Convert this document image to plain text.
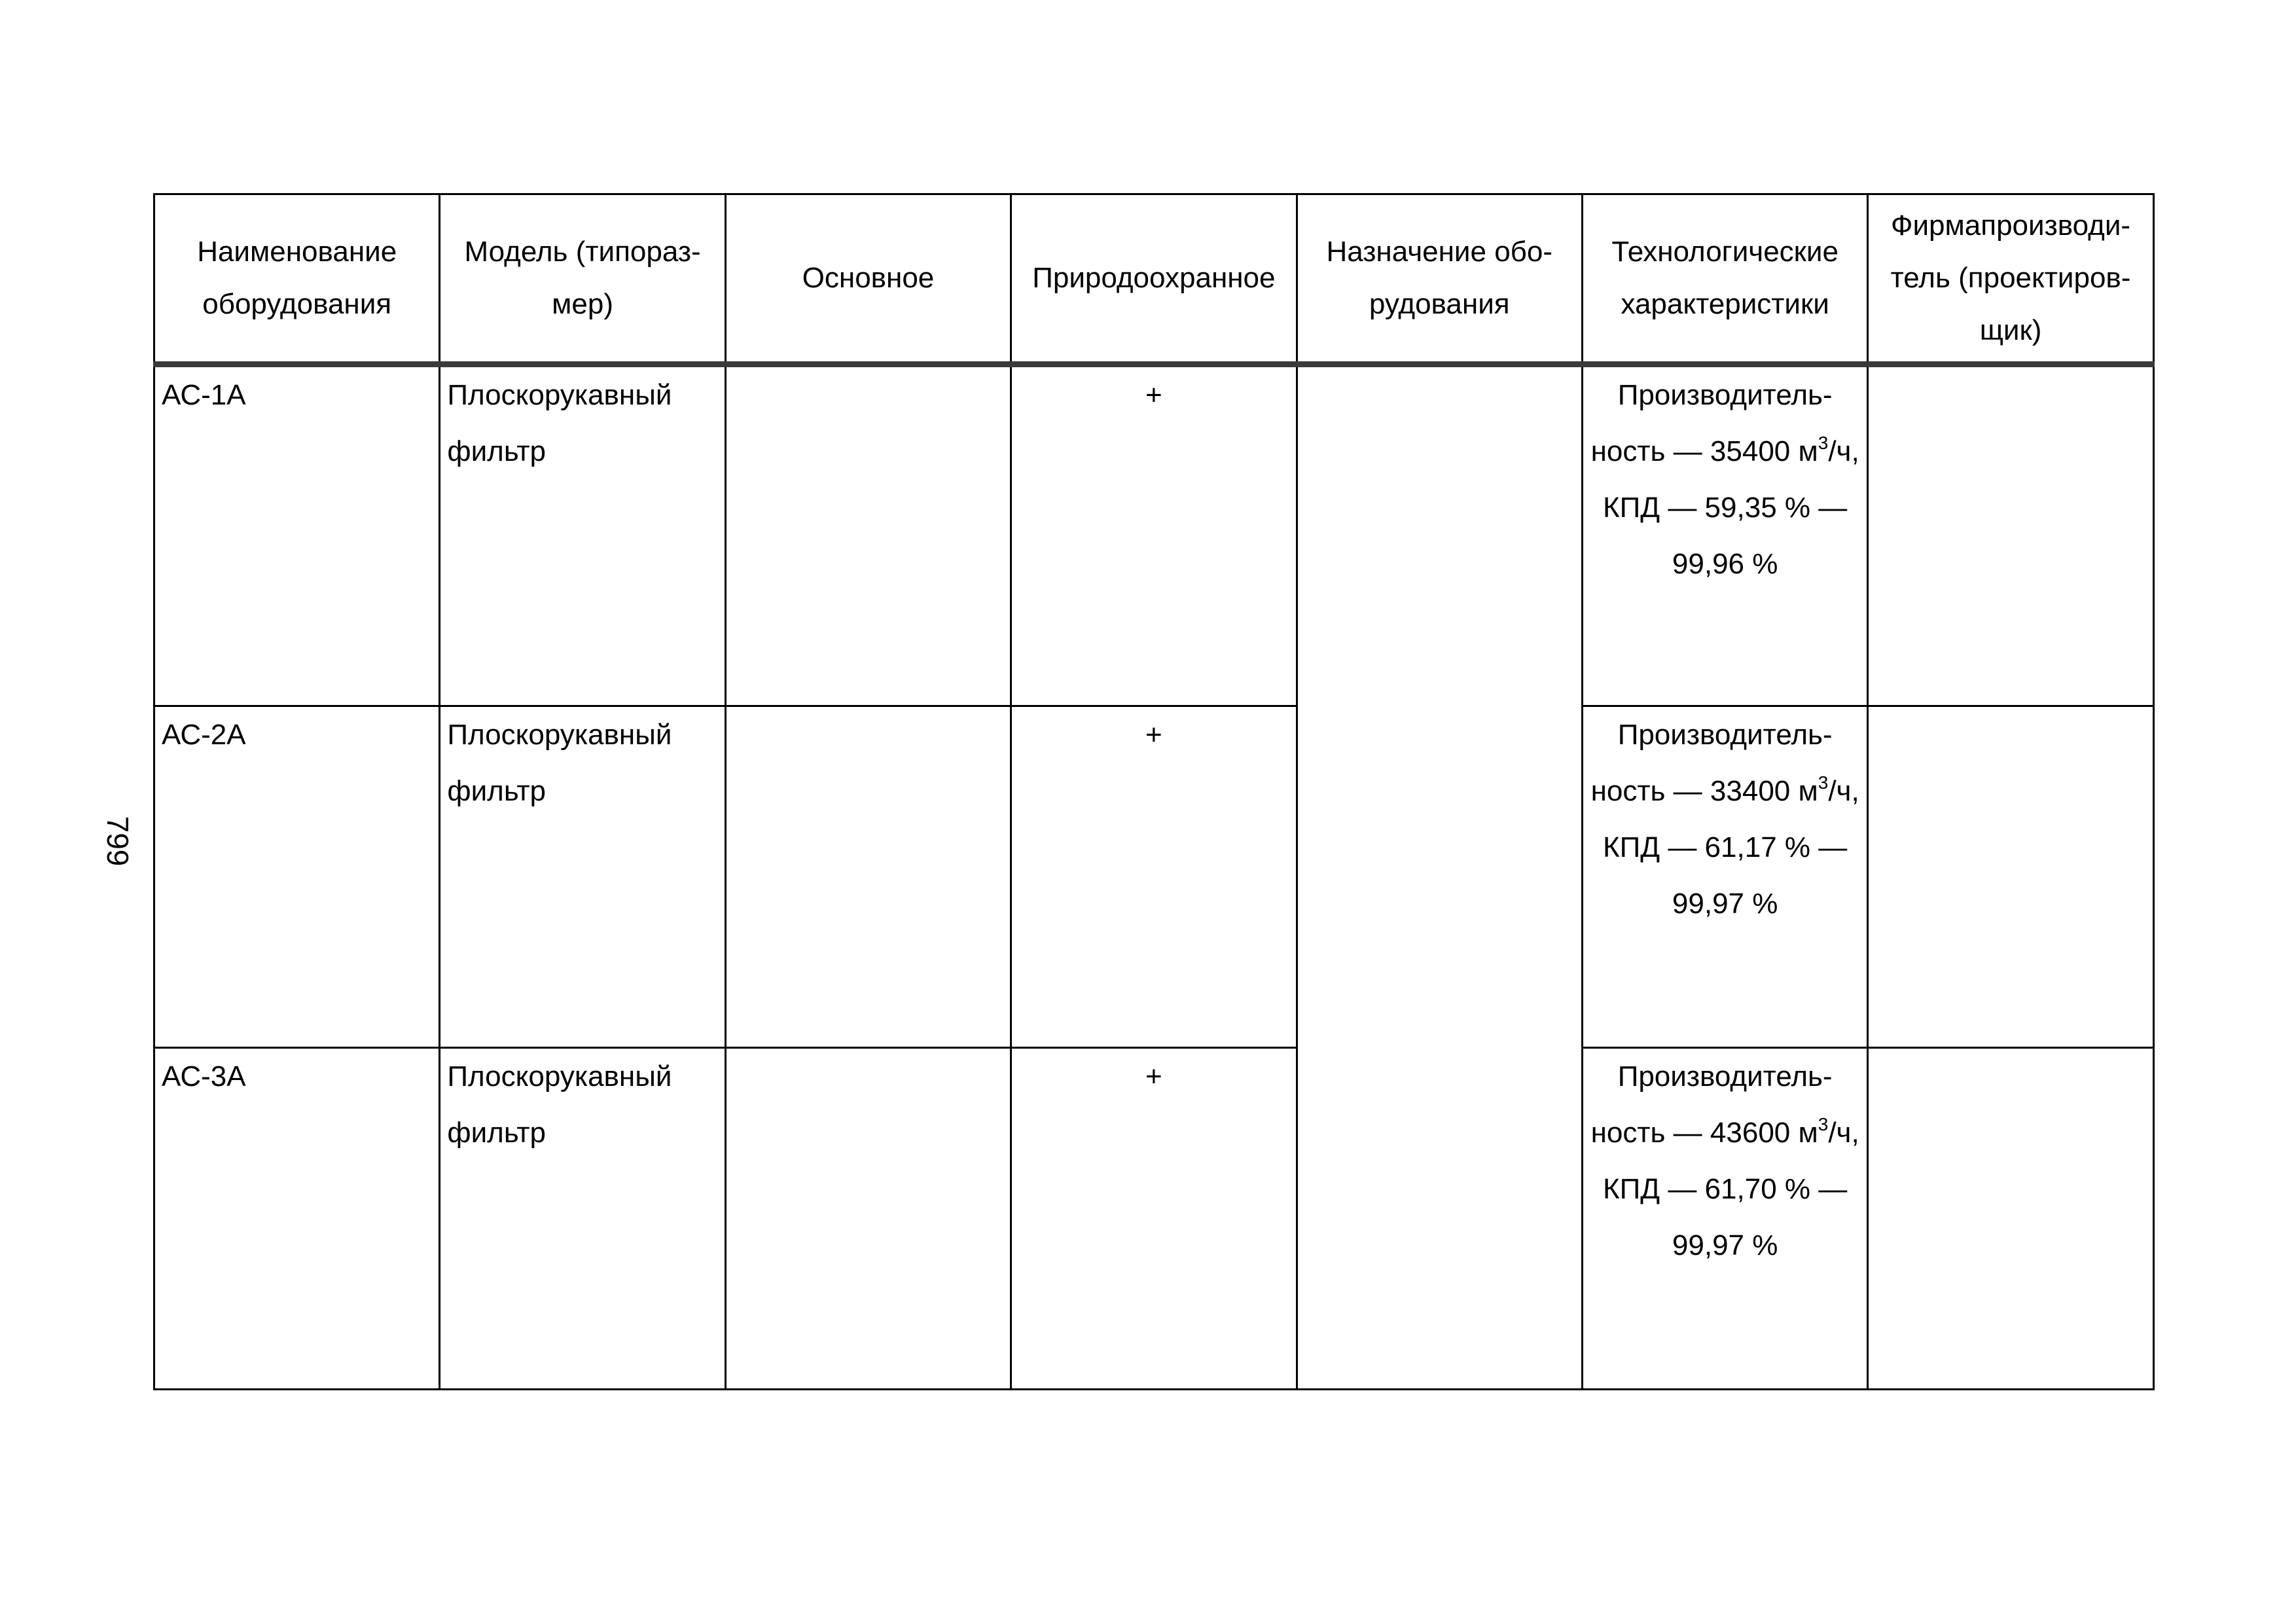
799
Наименование оборудования	Модель (типораз-мер)	Основное	Природоохранное	Назначение обо-рудования	Технологические характеристики	Фирмапроизводи-тель (проектиров-щик)
АС-1А	Плоскорукавный фильтр		+		Производитель-ность — 35400 $м^3/ч$, КПД — 59,35 % — 99,96 %	
АС-2А	Плоскорукавный фильтр		+		Производитель-ность — 33400 $м^3/ч$, КПД — 61,17 % — 99,97 %	
АС-3А	Плоскорукавный фильтр		+		Производитель-ность — 43600 $м^3/ч$, КПД — 61,70 % — 99,97 %	
